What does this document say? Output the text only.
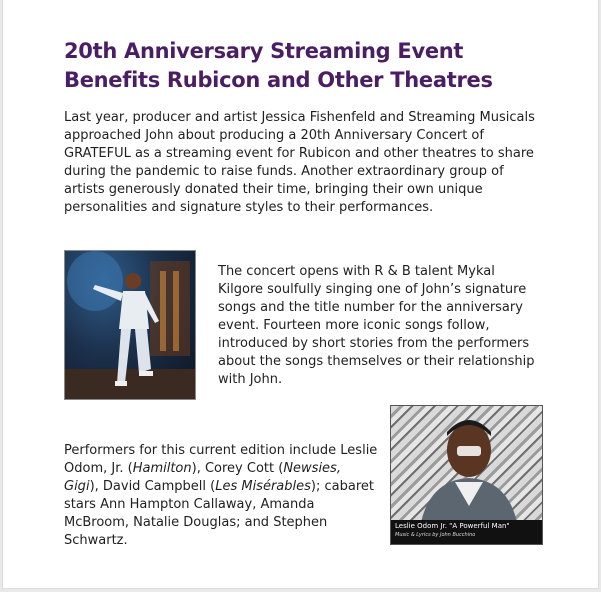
20th Anniversary Streaming Event
Benefits Rubicon and Other Theatres

Last year, producer and artist Jessica Fishenfeld and Streaming Musicals approached John about producing a 20th Anniversary Concert of GRATEFUL as a streaming event for Rubicon and other theatres to share during the pandemic to raise funds. Another extraordinary group of artists generously donated their time, bringing their own unique personalities and signature styles to their performances.

The concert opens with R & B talent Mykal Kilgore soulfully singing one of John’s signature songs and the title number for the anniversary event. Fourteen more iconic songs follow, introduced by short stories from the performers about the songs themselves or their relationship with John.

Performers for this current edition include Leslie Odom, Jr. (Hamilton), Corey Cott (Newsies, Gigi), David Campbell (Les Misérables); cabaret stars Ann Hampton Callaway, Amanda McBroom, Natalie Douglas; and Stephen Schwartz.

Leslie Odom Jr. "A Powerful Man"
Music & Lyrics by John Bucchino
